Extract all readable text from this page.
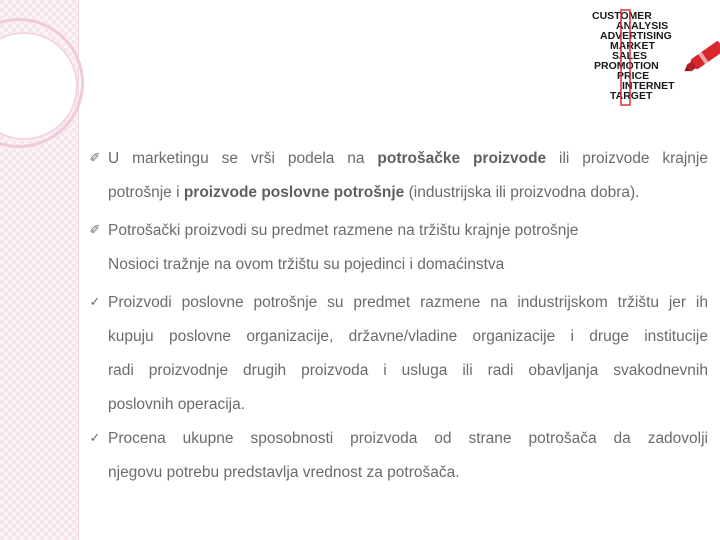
CUSTOMER
ANALYSIS
ADVERTISING
MARKET
SALES
PROMOTION
PRICE
INTERNET
TARGET
✐ U marketingu se vrši podela na potrošačke proizvode ili proizvode krajnje
potrošnje i proizvode poslovne potrošnje (industrijska ili proizvodna dobra).
✐ Potrošački proizvodi su predmet razmene na tržištu krajnje potrošnje
Nosioci tražnje na ovom tržištu su pojedinci i domaćinstva
✓ Proizvodi poslovne potrošnje su predmet razmene na industrijskom tržištu jer ih
kupuju poslovne organizacije, državne/vladine organizacije i druge institucije
radi proizvodnje drugih proizvoda i usluga ili radi obavljanja svakodnevnih
poslovnih operacija.
✓ Procena ukupne sposobnosti proizvoda od strane potrošača da zadovolji
njegovu potrebu predstavlja vrednost za potrošača.
